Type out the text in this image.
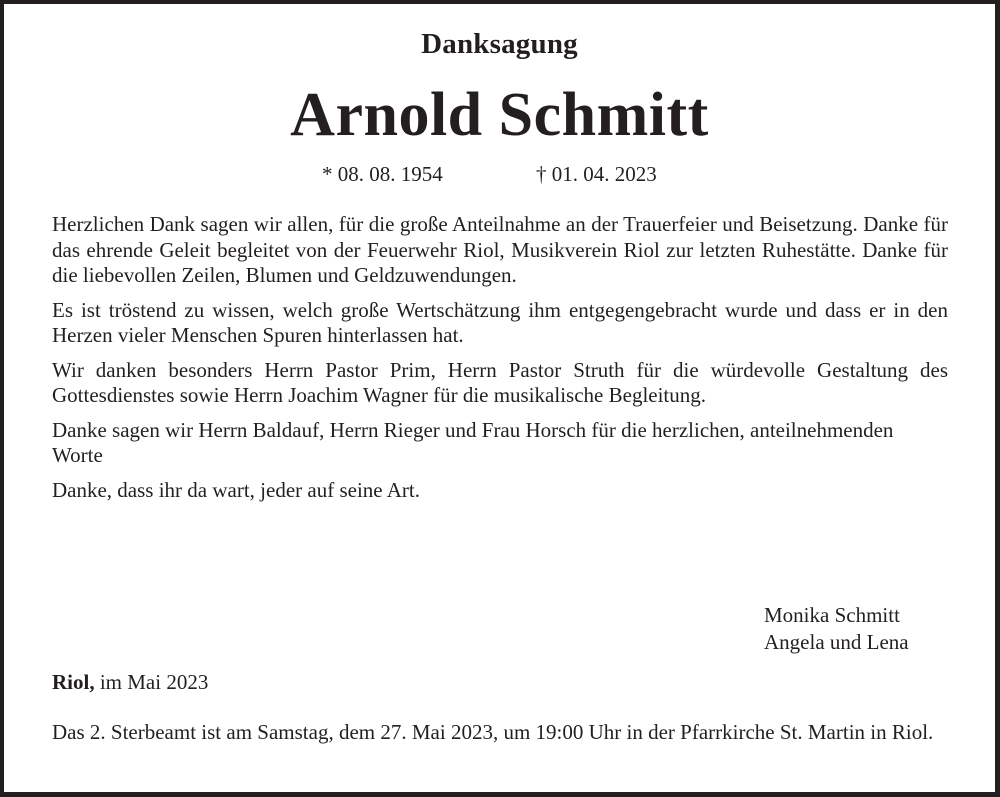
Danksagung
Arnold Schmitt
* 08. 08. 1954	† 01. 04. 2023

Herzlichen Dank sagen wir allen, für die große Anteilnahme an der Trauerfeier und Beisetzung. Danke für das ehrende Geleit begleitet von der Feuerwehr Riol, Musikverein Riol zur letzten Ruhestätte. Danke für die liebevollen Zeilen, Blumen und Geldzuwendungen.

Es ist tröstend zu wissen, welch große Wertschätzung ihm entgegengebracht wurde und dass er in den Herzen vieler Menschen Spuren hinterlassen hat.

Wir danken besonders Herrn Pastor Prim, Herrn Pastor Struth für die würdevolle Gestaltung des Gottesdienstes sowie Herrn Joachim Wagner für die musikalische Begleitung.

Danke sagen wir Herrn Baldauf, Herrn Rieger und Frau Horsch für die herzlichen, anteilnehmenden Worte

Danke, dass ihr da wart, jeder auf seine Art.

Monika Schmitt
Angela und Lena
Riol, im Mai 2023
Das 2. Sterbeamt ist am Samstag, dem 27. Mai 2023, um 19:00 Uhr in der Pfarrkirche St. Martin in Riol.
